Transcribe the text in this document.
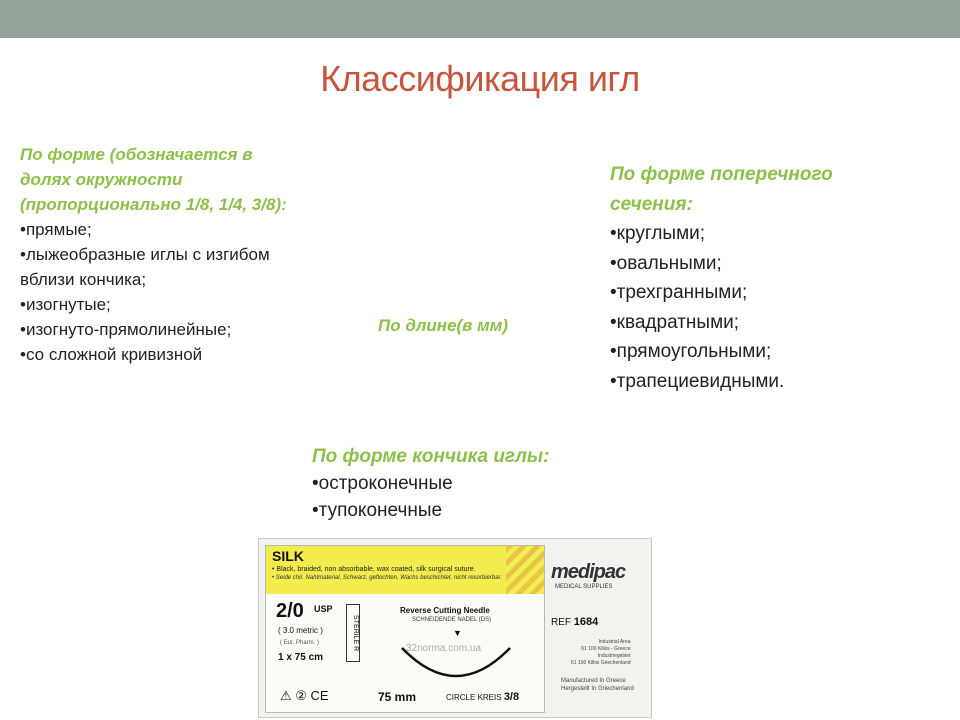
Классификация игл
По форме (обозначается в
долях окружности
(пропорционально 1/8, 1/4, 3/8):
•прямые;
•лыжеобразные иглы с изгибом
вблизи кончика;
•изогнутые;
•изогнуто-прямолинейные;
•со сложной кривизной
По длине(в мм)
По форме поперечного
сечения:
•круглыми;
•овальными;
•трехгранными;
•квадратными;
•прямоугольными;
•трапециевидными.
По форме кончика иглы:
•остроконечные
•тупоконечные
SILK
• Black, braided, non absorbable, wax coated, silk surgical suture.
• Seide chir. Nahtmaterial, Schwarz, geflochten, Wachs beschichtet, nicht resorbierbar.
2/0 USP
( 3.0 metric )
( Eur. Pharm. )
1 x 75 cm
STERILE R
Reverse Cutting Needle
SCHNEIDENDE NADEL (DS)
▼
32norma.com.ua
75 mm	CIRCLE KREIS 3/8
⚠ ② CE
medipac
MEDICAL SUPPLIES
REF 1684
Industrial Area
61 100 Kilkis - Greece
Industriegebiet
61 100 Kilkis Griechenland
Manufactured In Greece
Hergestellt In Griechenland
